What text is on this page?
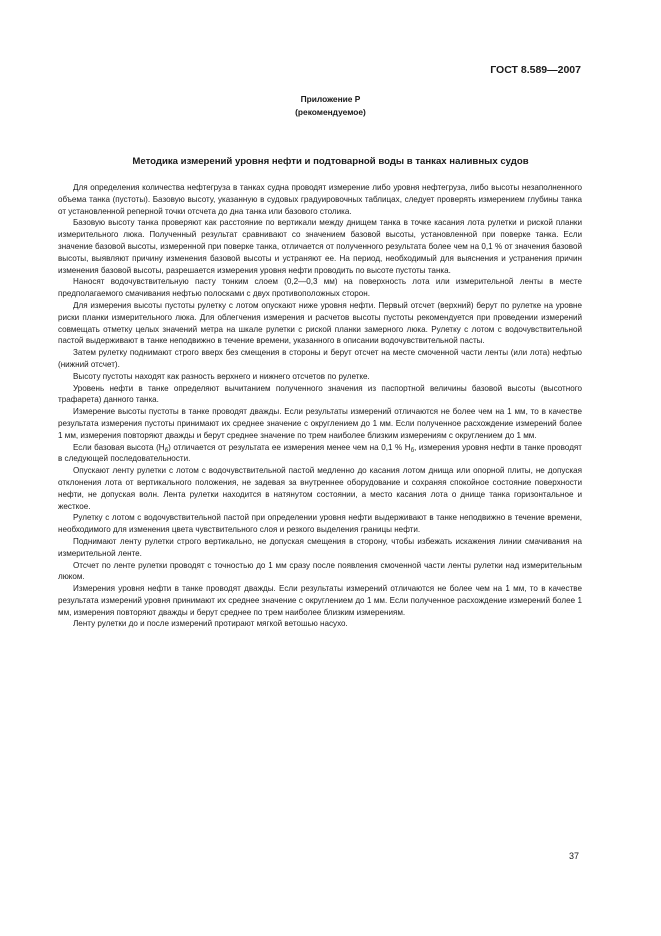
ГОСТ 8.589—2007
Приложение Р
(рекомендуемое)
Методика измерений уровня нефти и подтоварной воды в танках наливных судов

Для определения количества нефтегруза в танках судна проводят измерение либо уровня нефтегруза, либо высоты незаполненного объема танка (пустоты). Базовую высоту, указанную в судовых градуировочных таблицах, следует проверять измерением глубины танка от установленной реперной точки отсчета до дна танка или базового столика.

Базовую высоту танка проверяют как расстояние по вертикали между днищем танка в точке касания лота рулетки и риской планки измерительного люка. Полученный результат сравнивают со значением базовой высоты, установленной при поверке танка. Если значение базовой высоты, измеренной при поверке танка, отличается от полученного результата более чем на 0,1 % от значения базовой высоты, выявляют причину изменения базовой высоты и устраняют ее. На период, необходимый для выяснения и устранения причин изменения базовой высоты, разрешается измерения уровня нефти проводить по высоте пустоты танка.

Наносят водочувствительную пасту тонким слоем (0,2—0,3 мм) на поверхность лота или измерительной ленты в месте предполагаемого смачивания нефтью полосками с двух противоположных сторон.

Для измерения высоты пустоты рулетку с лотом опускают ниже уровня нефти. Первый отсчет (верхний) берут по рулетке на уровне риски планки измерительного люка. Для облегчения измерения и расчетов высоты пустоты рекомендуется при проведении измерений совмещать отметку целых значений метра на шкале рулетки с риской планки замерного люка. Рулетку с лотом с водочувствительной пастой выдерживают в танке неподвижно в течение времени, указанного в описании водочувствительной пасты.

Затем рулетку поднимают строго вверх без смещения в стороны и берут отсчет на месте смоченной части ленты (или лота) нефтью (нижний отсчет).

Высоту пустоты находят как разность верхнего и нижнего отсчетов по рулетке.

Уровень нефти в танке определяют вычитанием полученного значения из паспортной величины базовой высоты (высотного трафарета) данного танка.

Измерение высоты пустоты в танке проводят дважды. Если результаты измерений отличаются не более чем на 1 мм, то в качестве результата измерения пустоты принимают их среднее значение с округлением до 1 мм. Если полученное расхождение измерений более 1 мм, измерения повторяют дважды и берут среднее значение по трем наиболее близким измерениям с округлением до 1 мм.

Если базовая высота $(H_б)$ отличается от результата ее измерения менее чем на 0,1 % $H_б$, измерения уровня нефти в танке проводят в следующей последовательности.

Опускают ленту рулетки с лотом с водочувствительной пастой медленно до касания лотом днища или опорной плиты, не допуская отклонения лота от вертикального положения, не задевая за внутреннее оборудование и сохраняя спокойное состояние поверхности нефти, не допуская волн. Лента рулетки находится в натянутом состоянии, а место касания лота о днище танка горизонтальное и жесткое.

Рулетку с лотом с водочувствительной пастой при определении уровня нефти выдерживают в танке неподвижно в течение времени, необходимого для изменения цвета чувствительного слоя и резкого выделения границы нефти.

Поднимают ленту рулетки строго вертикально, не допуская смещения в сторону, чтобы избежать искажения линии смачивания на измерительной ленте.

Отсчет по ленте рулетки проводят с точностью до 1 мм сразу после появления смоченной части ленты рулетки над измерительным люком.

Измерения уровня нефти в танке проводят дважды. Если результаты измерений отличаются не более чем на 1 мм, то в качестве результата измерений уровня принимают их среднее значение с округлением до 1 мм. Если полученное расхождение измерений более 1 мм, измерения повторяют дважды и берут среднее по трем наиболее близким измерениям.

Ленту рулетки до и после измерений протирают мягкой ветошью насухо.

37
